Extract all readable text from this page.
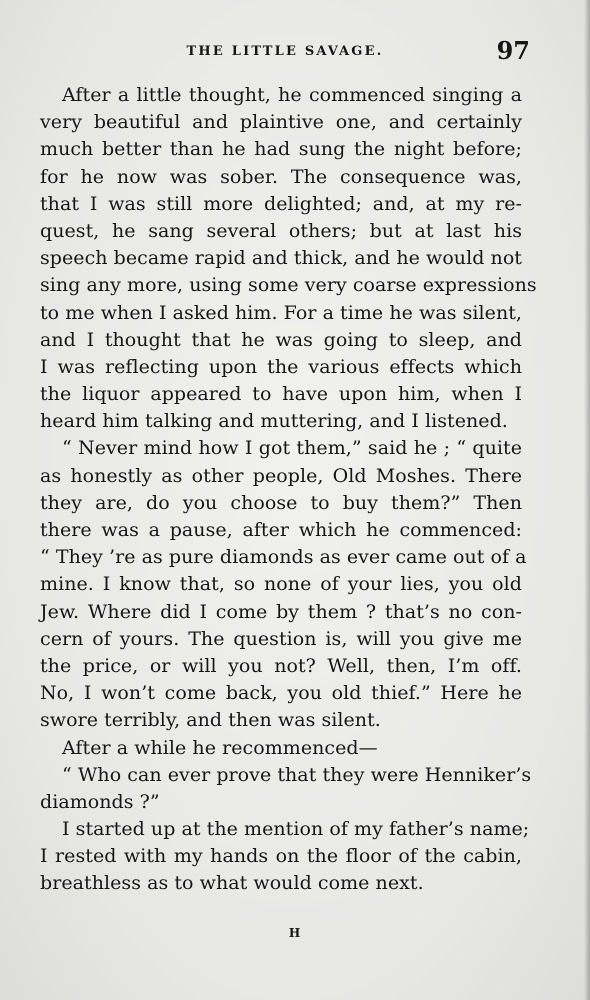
THE LITTLE SAVAGE.	97
After a little thought, he commenced singing a
very beautiful and plaintive one, and certainly
much better than he had sung the night before;
for he now was sober. The consequence was,
that I was still more delighted; and, at my re-
quest, he sang several others; but at last his
speech became rapid and thick, and he would not
sing any more, using some very coarse expressions
to me when I asked him. For a time he was silent,
and I thought that he was going to sleep, and
I was reflecting upon the various effects which
the liquor appeared to have upon him, when I
heard him talking and muttering, and I listened.
“ Never mind how I got them,” said he ; “ quite
as honestly as other people, Old Moshes. There
they are, do you choose to buy them?” Then
there was a pause, after which he commenced:
“ They ’re as pure diamonds as ever came out of a
mine. I know that, so none of your lies, you old
Jew. Where did I come by them ? that’s no con-
cern of yours. The question is, will you give me
the price, or will you not? Well, then, I’m off.
No, I won’t come back, you old thief.” Here he
swore terribly, and then was silent.
After a while he recommenced—
“ Who can ever prove that they were Henniker’s
diamonds ?”
I started up at the mention of my father’s name;
I rested with my hands on the floor of the cabin,
breathless as to what would come next.
H
